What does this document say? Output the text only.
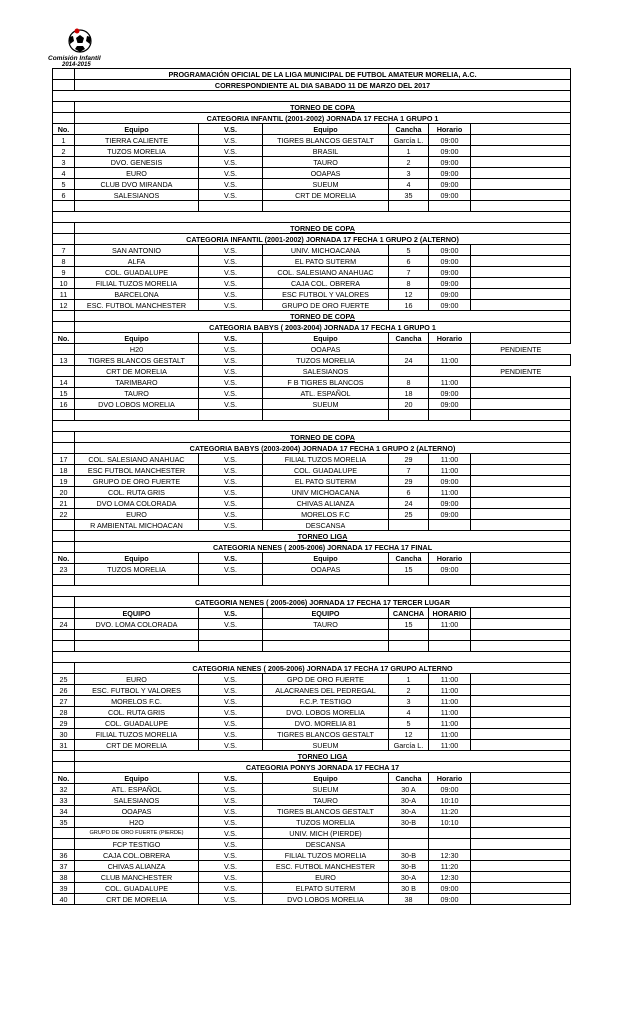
Comisión Infantil
2014-2015
	PROGRAMACIÓN OFICIAL DE LA LIGA MUNICIPAL DE FUTBOL AMATEUR MORELIA, A.C.					
	CORRESPONDIENTE AL DIA SABADO 11 DE MARZO DEL 2017					

	TORNEO DE COPA					
	CATEGORIA INFANTIL (2001-2002) JORNADA 17 FECHA 1 GRUPO 1					
No.	Equipo	V.S.	Equipo	Cancha	Horario	
1	TIERRA CALIENTE	V.S.	TIGRES BLANCOS GESTALT	García L.	09:00	
2	TUZOS MORELIA	V.S.	BRASIL	1	09:00	
3	DVO. GENESIS	V.S.	TAURO	2	09:00	
4	EURO	V.S.	OOAPAS	3	09:00	
5	CLUB DVO MIRANDA	V.S.	SUEUM	4	09:00	
6	SALESIANOS	V.S.	CRT DE MORELIA	35	09:00	

	TORNEO DE COPA					
	CATEGORIA INFANTIL (2001-2002) JORNADA 17 FECHA 1 GRUPO 2 (ALTERNO)					
7	SAN ANTONIO	V.S.	UNIV. MICHOACANA	5	09:00	
8	ALFA	V.S.	EL PATO SUTERM	6	09:00	
9	COL. GUADALUPE	V.S.	COL. SALESIANO ANAHUAC	7	09:00	
10	FILIAL TUZOS MORELIA	V.S.	CAJA COL. OBRERA	8	09:00	
11	BARCELONA	V.S.	ESC FUTBOL Y VALORES	12	09:00	
12	ESC. FUTBOL MANCHESTER	V.S.	GRUPO DE ORO FUERTE	16	09:00	
	TORNEO DE COPA					
	CATEGORIA BABYS ( 2003-2004) JORNADA 17 FECHA 1 GRUPO 1					
No.	Equipo	V.S.	Equipo	Cancha	Horario	
	H20	V.S.	OOAPAS			PENDIENTE
13	TIGRES BLANCOS GESTALT	V.S.	TUZOS MORELIA	24	11:00	
	CRT DE MORELIA	V.S.	SALESIANOS			PENDIENTE
14	TARIMBARO	V.S.	F B TIGRES BLANCOS	8	11:00	
15	TAURO	V.S.	ATL. ESPAÑOL	18	09:00	
16	DVO LOBOS MORELIA	V.S.	SUEUM	20	09:00	

	TORNEO DE COPA					
	CATEGORIA BABYS (2003-2004) JORNADA 17 FECHA 1 GRUPO 2 (ALTERNO)					
17	COL. SALESIANO ANAHUAC	V.S.	FILIAL TUZOS MORELIA	29	11:00	
18	ESC FUTBOL MANCHESTER	V.S.	COL. GUADALUPE	7	11:00	
19	GRUPO DE ORO FUERTE	V.S.	EL PATO SUTERM	29	09:00	
20	COL. RUTA GRIS	V.S.	UNIV MICHOACANA	6	11:00	
21	DVO LOMA COLORADA	V.S.	CHIVAS ALIANZA	24	09:00	
22	EURO	V.S.	MORELOS F.C	25	09:00	
	R AMBIENTAL MICHOACAN	V.S.	DESCANSA			
	TORNEO LIGA					
	CATEGORIA NENES ( 2005-2006) JORNADA 17 FECHA 17 FINAL					
No.	Equipo	V.S.	Equipo	Cancha	Horario	
23	TUZOS MORELIA	V.S.	OOAPAS	15	09:00	

	CATEGORIA NENES ( 2005-2006) JORNADA 17 FECHA 17 TERCER LUGAR					
	EQUIPO	V.S.	EQUIPO	CANCHA	HORARIO	
24	DVO. LOMA COLORADA	V.S.	TAURO	15	11:00	

	CATEGORIA NENES ( 2005-2006) JORNADA 17 FECHA 17 GRUPO ALTERNO					
25	EURO	V.S.	GPO DE ORO FUERTE	1	11:00	
26	ESC. FUTBOL Y VALORES	V.S.	ALACRANES DEL PEDREGAL	2	11:00	
27	MORELOS F.C.	V.S.	F.C.P. TESTIGO	3	11:00	
28	COL. RUTA GRIS	V.S.	DVO. LOBOS MORELIA	4	11:00	
29	COL. GUADALUPE	V.S.	DVO. MORELIA 81	5	11:00	
30	FILIAL TUZOS MORELIA	V.S.	TIGRES BLANCOS GESTALT	12	11:00	
31	CRT DE MORELIA	V.S.	SUEUM	García L.	11:00	
	TORNEO LIGA					
	CATEGORIA PONYS JORNADA 17 FECHA 17					
No.	Equipo	V.S.	Equipo	Cancha	Horario	
32	ATL. ESPAÑOL	V.S.	SUEUM	30 A	09:00	
33	SALESIANOS	V.S.	TAURO	30-A	10:10	
34	OOAPAS	V.S.	TIGRES BLANCOS GESTALT	30-A	11:20	
35	H2O	V.S.	TUZOS MORELIA	30-B	10:10	
	GRUPO DE ORO FUERTE (PIERDE)	V.S.	UNIV. MICH (PIERDE)			
	FCP TESTIGO	V.S.	DESCANSA			
36	CAJA COL.OBRERA	V.S.	FILIAL TUZOS MORELIA	30-B	12:30	
37	CHIVAS ALIANZA	V.S.	ESC. FUTBOL MANCHESTER	30-B	11:20	
38	CLUB MANCHESTER	V.S.	EURO	30-A	12:30	
39	COL. GUADALUPE	V.S.	ELPATO SUTERM	30 B	09:00	
40	CRT DE MORELIA	V.S.	DVO LOBOS MORELIA	38	09:00	
